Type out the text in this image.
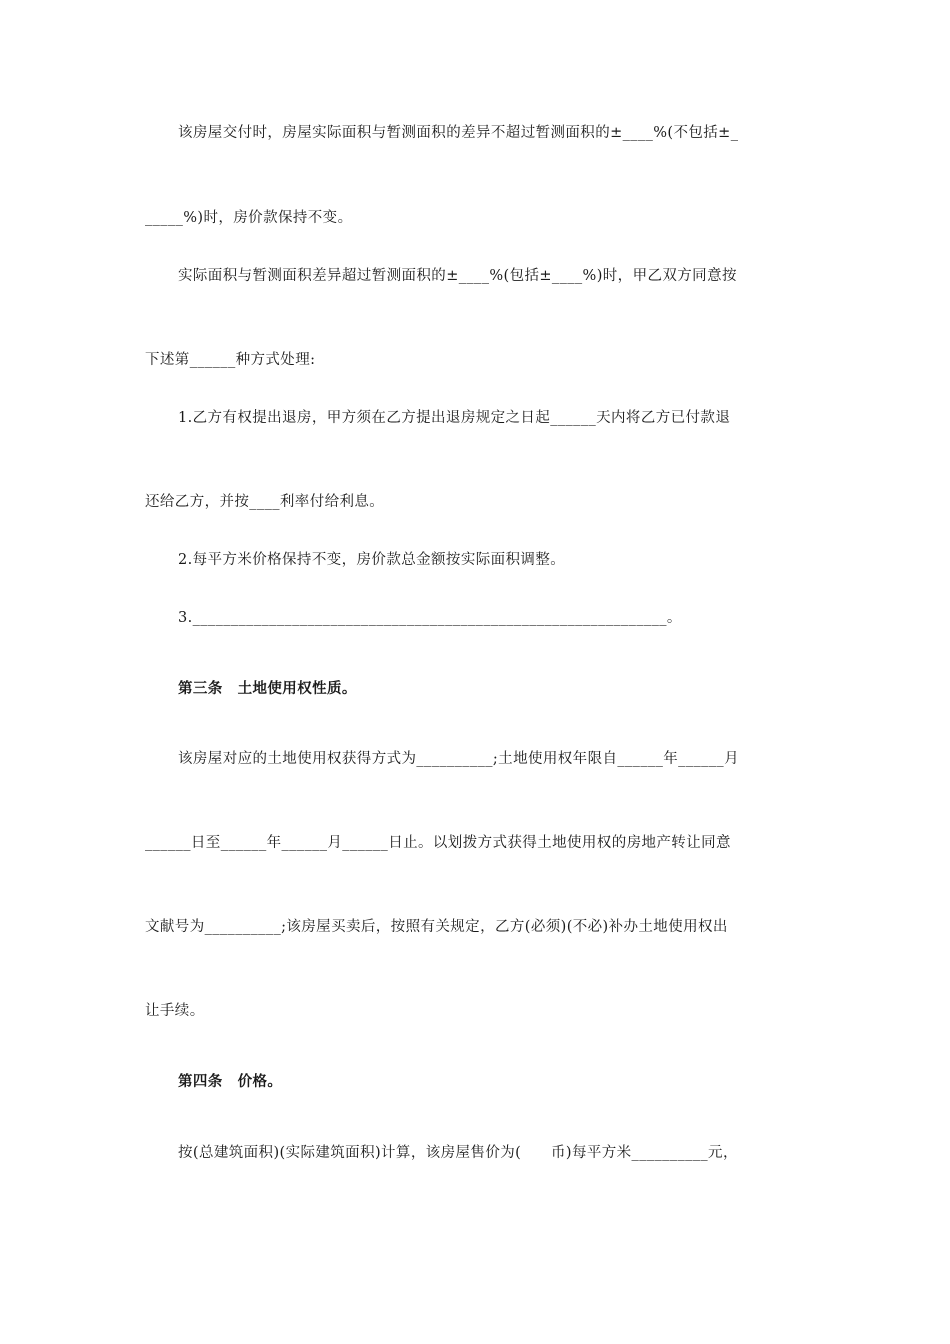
该房屋交付时，房屋实际面积与暂测面积的差异不超过暂测面积的±____%(不包括±_
_____%)时，房价款保持不变。
实际面积与暂测面积差异超过暂测面积的±____%(包括±____%)时，甲乙双方同意按
下述第______种方式处理:
1.乙方有权提出退房，甲方须在乙方提出退房规定之日起______天内将乙方已付款退
还给乙方，并按____利率付给利息。
2.每平方米价格保持不变，房价款总金额按实际面积调整。
3.______________________________________________________________。
第三条　土地使用权性质。
该房屋对应的土地使用权获得方式为__________;土地使用权年限自______年______月
______日至______年______月______日止。以划拨方式获得土地使用权的房地产转让同意
文献号为__________;该房屋买卖后，按照有关规定，乙方(必须)(不必)补办土地使用权出
让手续。
第四条　价格。
按(总建筑面积)(实际建筑面积)计算，该房屋售价为(　　币)每平方米__________元，
